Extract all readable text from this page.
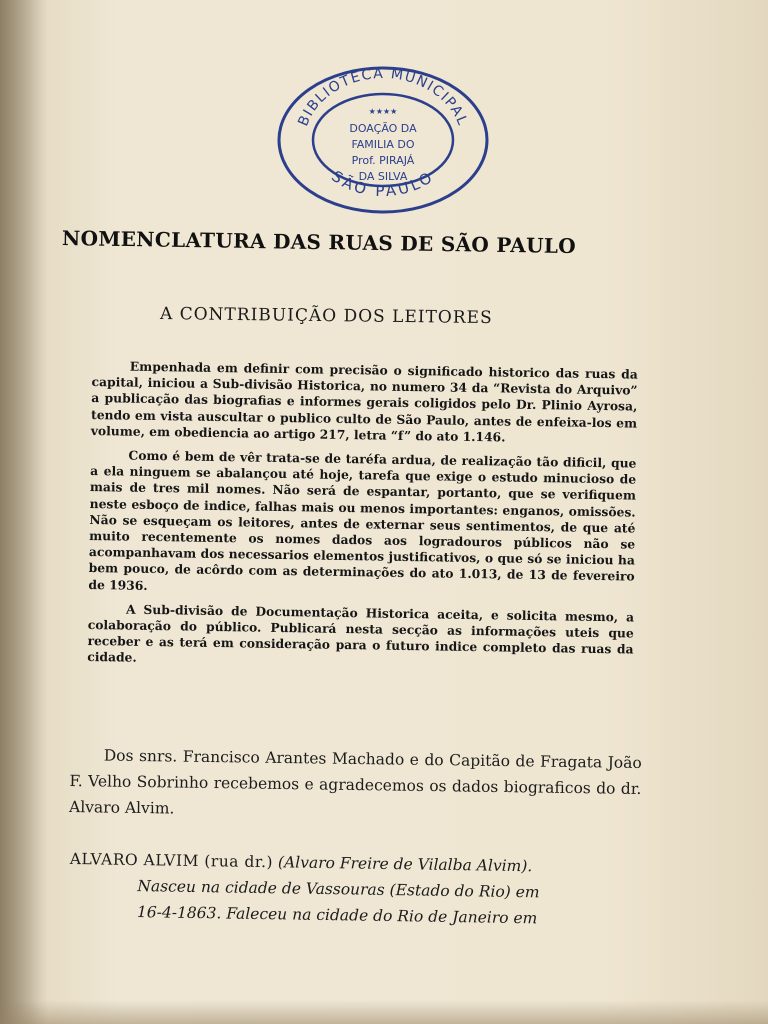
BIBLIOTECA MUNICIPAL
SÃO PAULO
★★★★
DOAÇÃO DA
FAMILIA DO
Prof. PIRAJÁ
DA SILVA
NOMENCLATURA DAS RUAS DE SÃO PAULO
A CONTRIBUIÇÃO DOS LEITORES

Empenhada em definir com precisão o significado historico das ruas da capital, iniciou a Sub-divisão Historica, no numero 34 da “Revista do Arquivo” a publicação das biografias e informes gerais coligidos pelo Dr. Plinio Ayrosa, tendo em vista auscultar o publico culto de São Paulo, antes de enfeixa-los em volume, em obediencia ao artigo 217, letra “f” do ato 1.146.

Como é bem de vêr trata-se de taréfa ardua, de realização tão dificil, que a ela ninguem se abalançou até hoje, tarefa que exige o estudo minucioso de mais de tres mil nomes. Não será de espantar, portanto, que se verifiquem neste esboço de indice, falhas mais ou menos importantes: enganos, omissões. Não se esqueçam os leitores, antes de externar seus sentimentos, de que até muito recentemente os nomes dados aos logradouros públicos não se acompanhavam dos necessarios elementos justificativos, o que só se iniciou ha bem pouco, de acôrdo com as determinações do ato 1.013, de 13 de fevereiro de 1936.

A Sub-divisão de Documentação Historica aceita, e solicita mesmo, a colaboração do público. Publicará nesta secção as informações uteis que receber e as terá em consideração para o futuro indice completo das ruas da cidade.

Dos snrs. Francisco Arantes Machado e do Capitão de Fragata João F. Velho Sobrinho recebemos e agradecemos os dados biograficos do dr. Alvaro Alvim.
ALVARO ALVIM (rua dr.) (Alvaro Freire de Vilalba Alvim).
Nasceu na cidade de Vassouras (Estado do Rio) em
16-4-1863. Faleceu na cidade do Rio de Janeiro em
